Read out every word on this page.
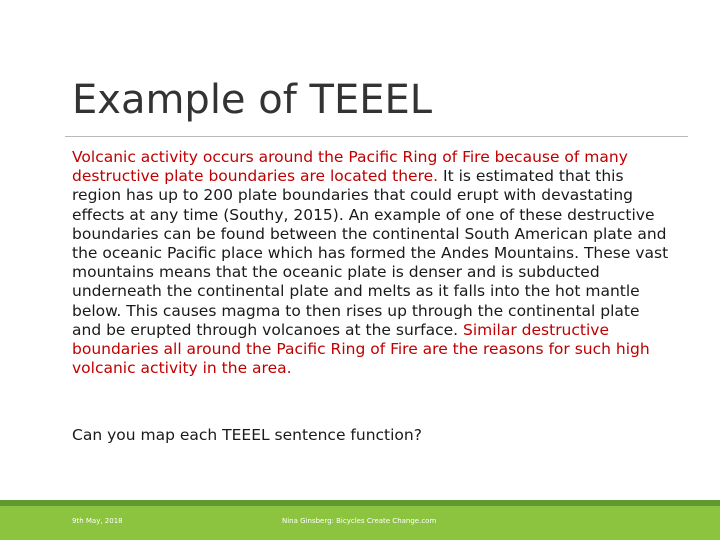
Example of TEEEL

Volcanic activity occurs around the Pacific Ring of Fire because of many destructive plate boundaries are located there. It is estimated that this region has up to 200 plate boundaries that could erupt with devastating effects at any time (Southy, 2015). An example of one of these destructive boundaries can be found between the continental South American plate and the oceanic Pacific place which has formed the Andes Mountains. These vast mountains means that the oceanic plate is denser and is subducted underneath the continental plate and melts as it falls into the hot mantle below. This causes magma to then rises up through the continental plate and be erupted through volcanoes at the surface. Similar destructive boundaries all around the Pacific Ring of Fire are the reasons for such high volcanic activity in the area.

Can you map each TEEEL sentence function?

9th May, 2018	Nina Ginsberg: Bicycles Create Change.com
